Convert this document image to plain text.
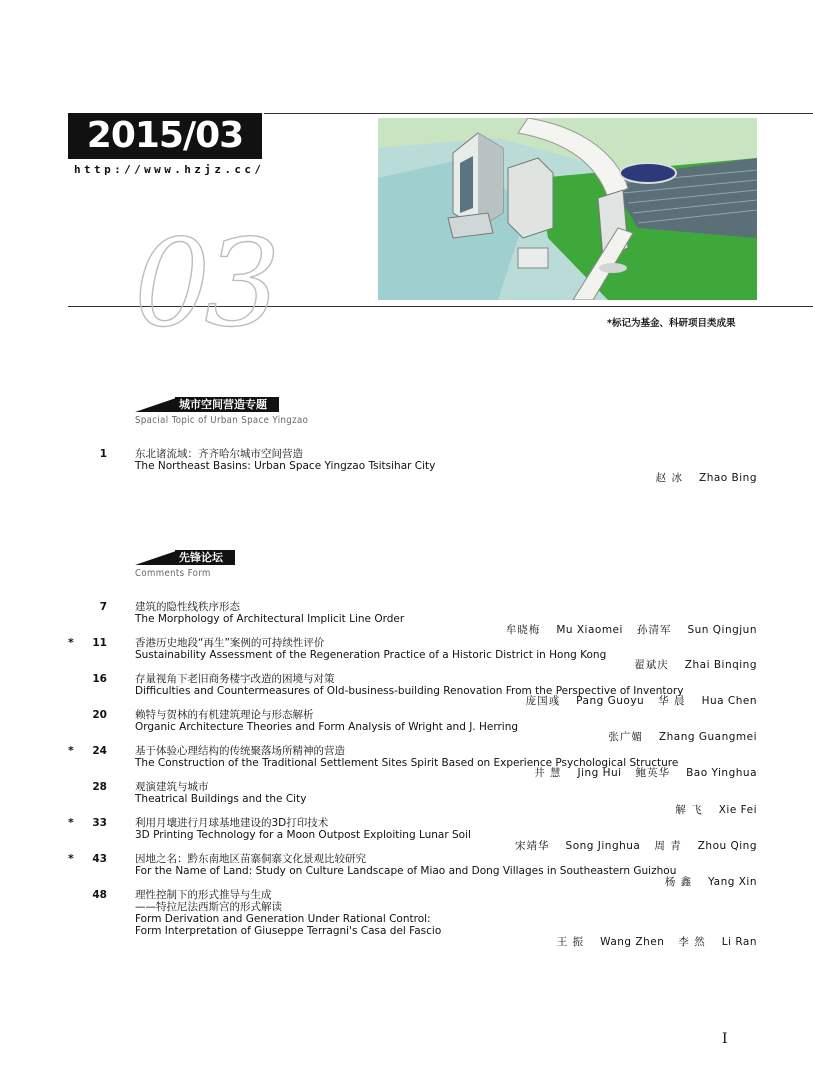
2015/03
http://www.hzjz.cc/
03	*标记为基金、科研项目类成果
城市空间营造专题
Spacial Topic of Urban Space Yingzao
1	东北诸流域：齐齐哈尔城市空间营造
The Northeast Basins: Urban Space Yingzao Tsitsihar City
赵 冰 Zhao Bing
先锋论坛
Comments Form
7	建筑的隐性线秩序形态
The Morphology of Architectural Implicit Line Order
牟晓梅 Mu Xiaomei 孙清军 Sun Qingjun
*	11	香港历史地段“再生”案例的可持续性评价
Sustainability Assessment of the Regeneration Practice of a Historic District in Hong Kong
翟斌庆 Zhai Binqing
16	存量视角下老旧商务楼宇改造的困境与对策
Difficulties and Countermeasures of Old-business-building Renovation From the Perspective of Inventory
庞国彧 Pang Guoyu 华 晨 Hua Chen
20	赖特与贺林的有机建筑理论与形态解析
Organic Architecture Theories and Form Analysis of Wright and J. Herring
张广媚 Zhang Guangmei
*	24	基于体验心理结构的传统聚落场所精神的营造
The Construction of the Traditional Settlement Sites Spirit Based on Experience Psychological Structure
井 慧 Jing Hui 鲍英华 Bao Yinghua
28	观演建筑与城市
Theatrical Buildings and the City
解 飞 Xie Fei
*	33	利用月壤进行月球基地建设的3D打印技术
3D Printing Technology for a Moon Outpost Exploiting Lunar Soil
宋靖华 Song Jinghua 周 青 Zhou Qing
*	43	因地之名：黔东南地区苗寨侗寨文化景观比较研究
For the Name of Land: Study on Culture Landscape of Miao and Dong Villages in Southeastern Guizhou
杨 鑫 Yang Xin
48	理性控制下的形式推导与生成
——特拉尼法西斯宫的形式解读
Form Derivation and Generation Under Rational Control:
Form Interpretation of Giuseppe Terragni's Casa del Fascio
王 振 Wang Zhen 李 然 Li Ran
I
